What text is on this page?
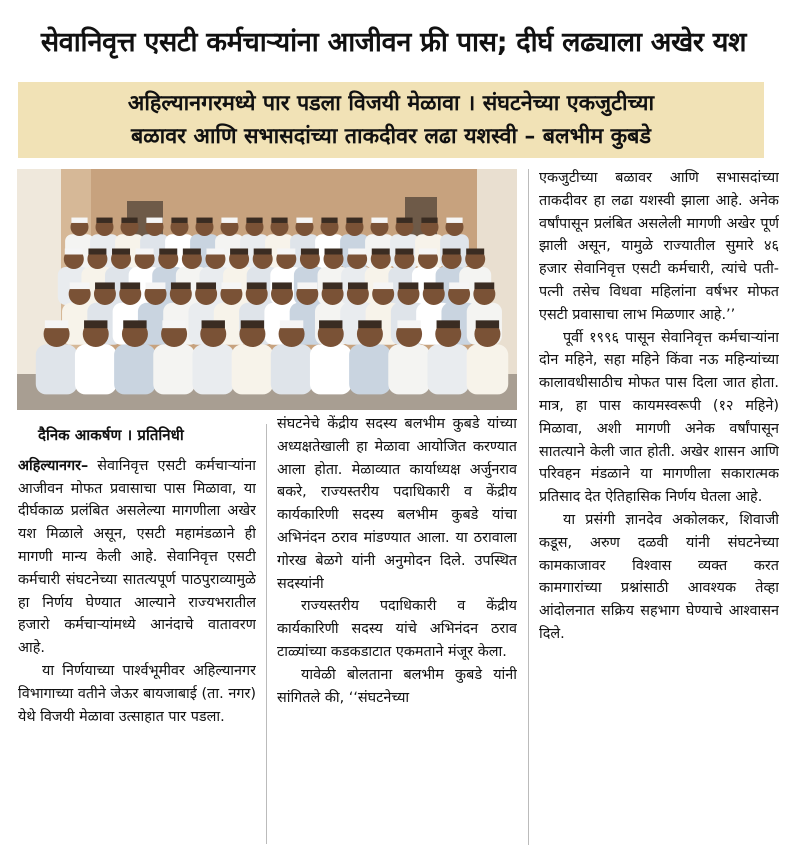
सेवानिवृत्त एसटी कर्मचाऱ्यांना आजीवन फ्री पास; दीर्घ लढ्याला अखेर यश
अहिल्यानगरमध्ये पार पडला विजयी मेळावा । संघटनेच्या एकजुटीच्या
बळावर आणि सभासदांच्या ताकदीवर लढा यशस्वी – बलभीम कुबडे
दैनिक आकर्षण । प्रतिनिधी

अहिल्यानगर– सेवानिवृत्त एसटी कर्मचाऱ्यांना आजीवन मोफत प्रवासाचा पास मिळावा, या दीर्घकाळ प्रलंबित असलेल्या मागणीला अखेर यश मिळाले असून, एसटी महामंडळाने ही मागणी मान्य केली आहे. सेवानिवृत्त एसटी कर्मचारी संघटनेच्या सातत्यपूर्ण पाठपुराव्यामुळे हा निर्णय घेण्यात आल्याने राज्यभरातील हजारो कर्मचाऱ्यांमध्ये आनंदाचे वातावरण आहे.

या निर्णयाच्या पार्श्वभूमीवर अहिल्यानगर विभागाच्या वतीने जेऊर बायजाबाई (ता. नगर) येथे विजयी मेळावा उत्साहात पार पडला.

संघटनेचे केंद्रीय सदस्य बलभीम कुबडे यांच्या अध्यक्षतेखाली हा मेळावा आयोजित करण्यात आला होता. मेळाव्यात कार्याध्यक्ष अर्जुनराव बकरे, राज्यस्तरीय पदाधिकारी व केंद्रीय कार्यकारिणी सदस्य बलभीम कुबडे यांचा अभिनंदन ठराव मांडण्यात आला. या ठरावाला गोरख बेळगे यांनी अनुमोदन दिले. उपस्थित सदस्यांनी

राज्यस्तरीय पदाधिकारी व केंद्रीय कार्यकारिणी सदस्य यांचे अभिनंदन ठराव टाळ्यांच्या कडकडाटात एकमताने मंजूर केला.

यावेळी बोलताना बलभीम कुबडे यांनी सांगितले की, ‘‘संघटनेच्या

एकजुटीच्या बळावर आणि सभासदांच्या ताकदीवर हा लढा यशस्वी झाला आहे. अनेक वर्षांपासून प्रलंबित असलेली मागणी अखेर पूर्ण झाली असून, यामुळे राज्यातील सुमारे ४६ हजार सेवानिवृत्त एसटी कर्मचारी, त्यांचे पती-पत्नी तसेच विधवा महिलांना वर्षभर मोफत एसटी प्रवासाचा लाभ मिळणार आहे.’’

पूर्वी १९९६ पासून सेवानिवृत्त कर्मचाऱ्यांना दोन महिने, सहा महिने किंवा नऊ महिन्यांच्या कालावधीसाठीच मोफत पास दिला जात होता. मात्र, हा पास कायमस्वरूपी (१२ महिने) मिळावा, अशी मागणी अनेक वर्षांपासून सातत्याने केली जात होती. अखेर शासन आणि परिवहन मंडळाने या मागणीला सकारात्मक प्रतिसाद देत ऐतिहासिक निर्णय घेतला आहे.

या प्रसंगी ज्ञानदेव अकोलकर, शिवाजी कडूस, अरुण दळवी यांनी संघटनेच्या कामकाजावर विश्वास व्यक्त करत कामगारांच्या प्रश्नांसाठी आवश्यक तेव्हा आंदोलनात सक्रिय सहभाग घेण्याचे आश्वासन दिले.
